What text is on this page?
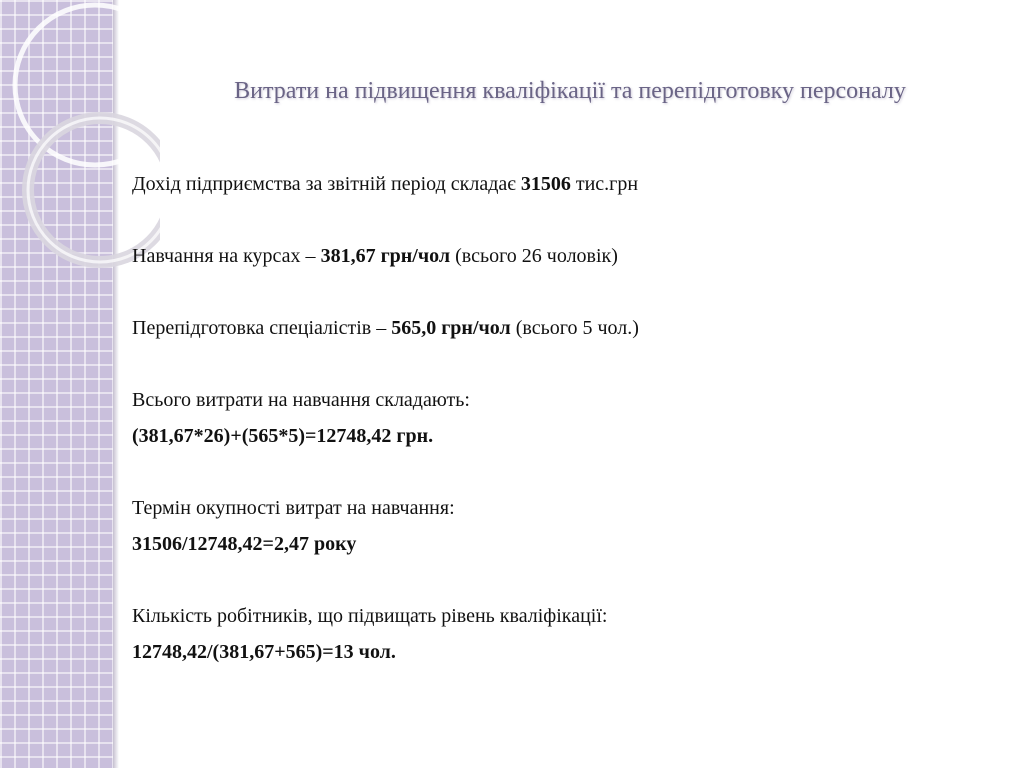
Витрати на підвищення кваліфікації та перепідготовку персоналу
Дохід підприємства за звітній період складає 31506 тис.грн
Навчання на курсах – 381,67 грн/чол (всього 26 чоловік)
Перепідготовка спеціалістів – 565,0 грн/чол (всього 5 чол.)
Всього витрати на навчання складають:
(381,67*26)+(565*5)=12748,42 грн.
Термін окупності витрат на навчання:
31506/12748,42=2,47 року
Кількість робітників, що підвищать рівень кваліфікації:
12748,42/(381,67+565)=13 чол.
